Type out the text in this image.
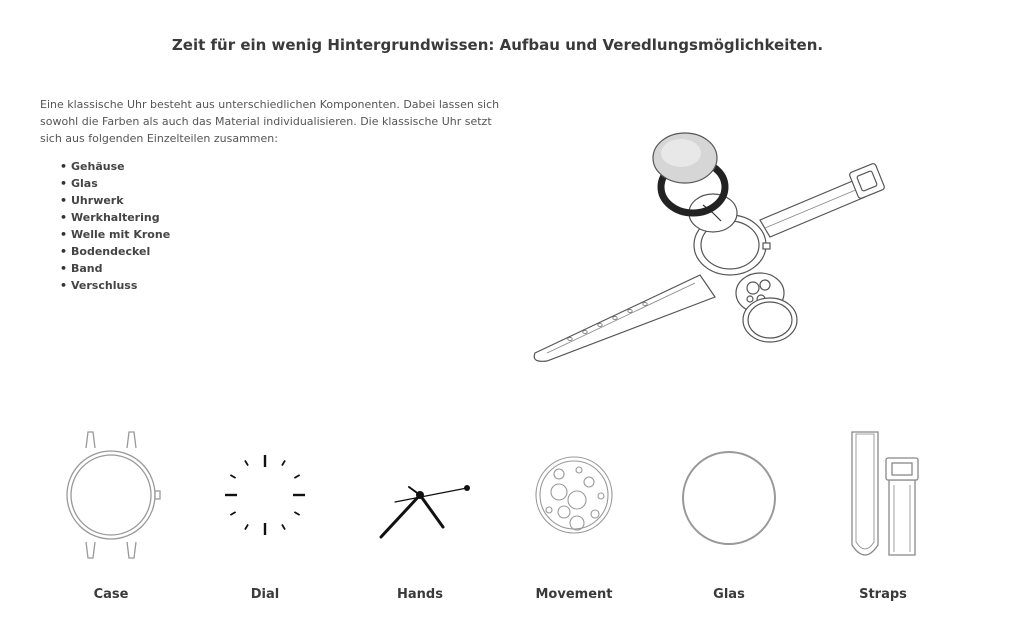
Zeit für ein wenig Hintergrundwissen: Aufbau und Veredlungsmöglichkeiten.

Eine klassische Uhr besteht aus unterschiedlichen Komponenten. Dabei lassen sich sowohl die Farben als auch das Material individualisieren. Die klassische Uhr setzt sich aus folgenden Einzelteilen zusammen:

• Gehäuse
• Glas
• Uhrwerk
• Werkhaltering
• Welle mit Krone
• Bodendeckel
• Band
• Verschluss
Case	Dial	Hands	Movement	Glas	Straps
